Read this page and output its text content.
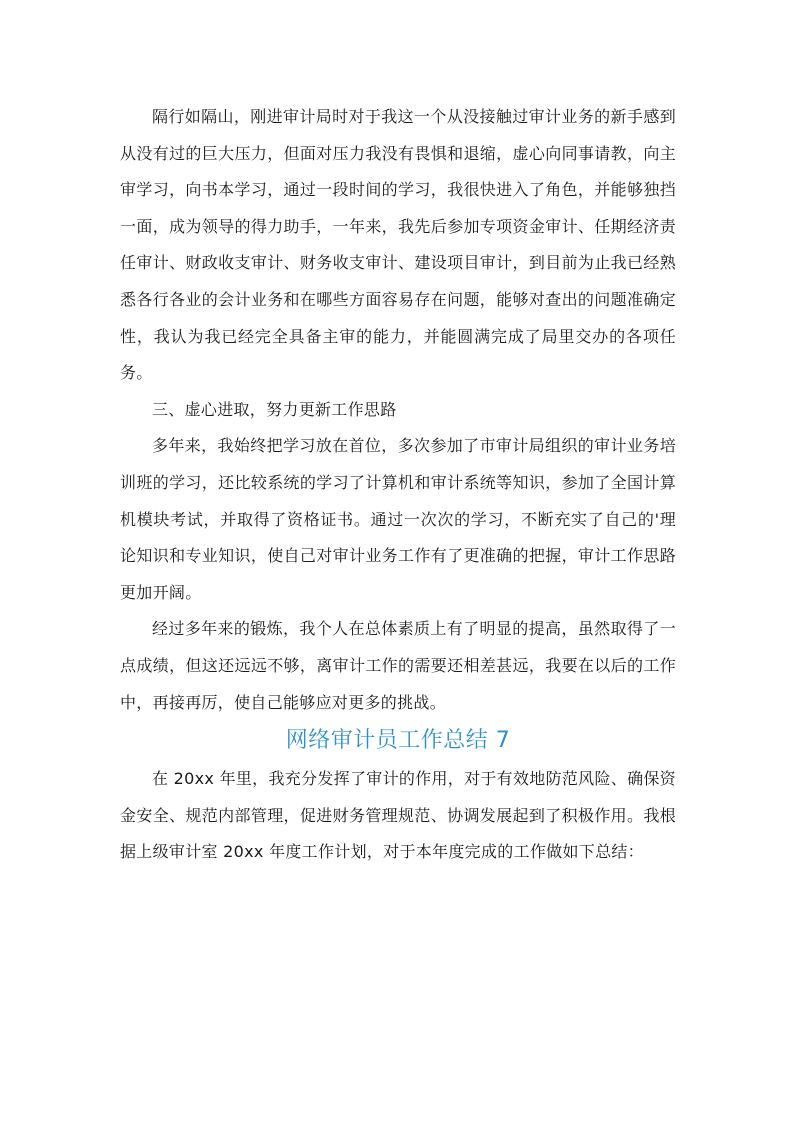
隔行如隔山，刚进审计局时对于我这一个从没接触过审计业务的新手感到从没有过的巨大压力，但面对压力我没有畏惧和退缩，虚心向同事请教，向主审学习，向书本学习，通过一段时间的学习，我很快进入了角色，并能够独挡一面，成为领导的得力助手，一年来，我先后参加专项资金审计、任期经济责任审计、财政收支审计、财务收支审计、建设项目审计，到目前为止我已经熟悉各行各业的会计业务和在哪些方面容易存在问题，能够对查出的问题准确定性，我认为我已经完全具备主审的能力，并能圆满完成了局里交办的各项任务。

三、虚心进取，努力更新工作思路

多年来，我始终把学习放在首位，多次参加了市审计局组织的审计业务培训班的学习，还比较系统的学习了计算机和审计系统等知识，参加了全国计算机模块考试，并取得了资格证书。通过一次次的学习，不断充实了自己的'理论知识和专业知识，使自己对审计业务工作有了更准确的把握，审计工作思路更加开阔。

经过多年来的锻炼，我个人在总体素质上有了明显的提高，虽然取得了一点成绩，但这还远远不够，离审计工作的需要还相差甚远，我要在以后的工作中，再接再厉，使自己能够应对更多的挑战。

网络审计员工作总结 7

在 20xx 年里，我充分发挥了审计的作用，对于有效地防范风险、确保资金安全、规范内部管理，促进财务管理规范、协调发展起到了积极作用。我根据上级审计室 20xx 年度工作计划，对于本年度完成的工作做如下总结：
